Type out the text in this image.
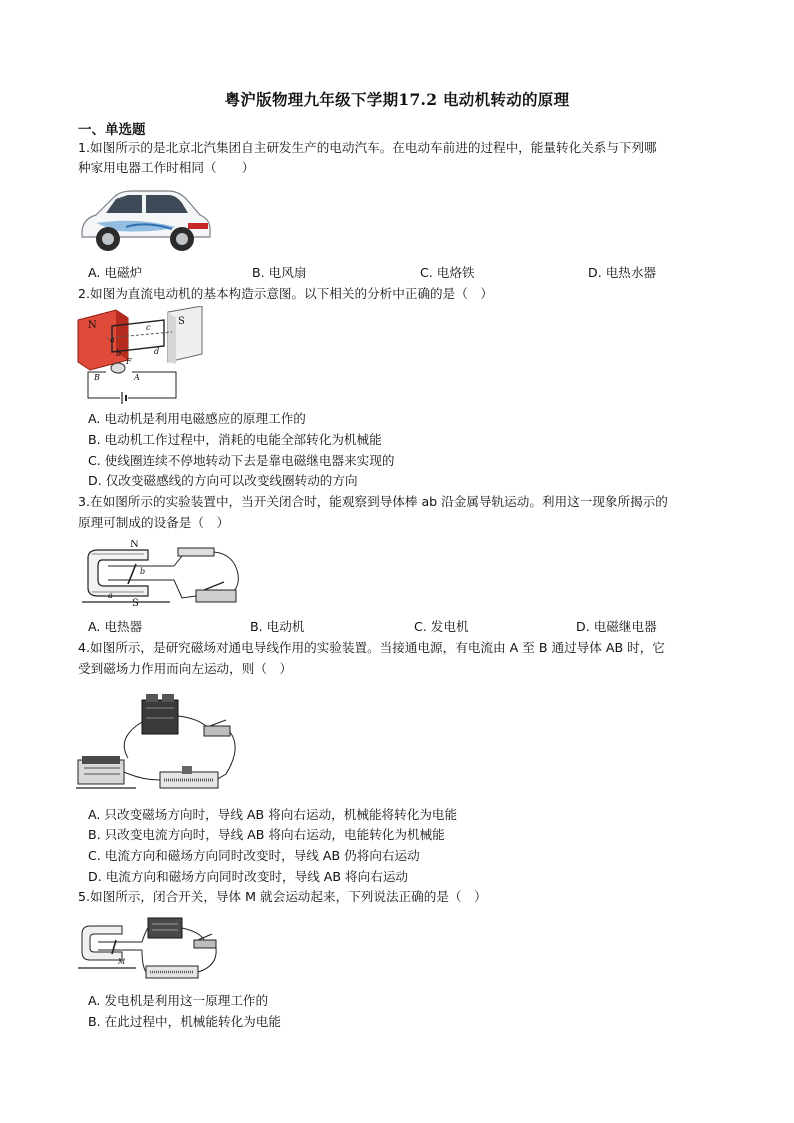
粤沪版物理九年级下学期17.2 电动机转动的原理
一、单选题
1.如图所示的是北京北汽集团自主研发生产的电动汽车。在电动车前进的过程中，能量转化关系与下列哪
种家用电器工作时相同（　　）
A. 电磁炉	B. 电风扇	C. 电烙铁	D. 电热水器
2.如图为直流电动机的基本构造示意图。以下相关的分析中正确的是（　）
N	S
a
b
c
d
F
B	A
A. 电动机是利用电磁感应的原理工作的
B. 电动机工作过程中，消耗的电能全部转化为机械能
C. 使线圈连续不停地转动下去是靠电磁继电器来实现的
D. 仅改变磁感线的方向可以改变线圈转动的方向
3.在如图所示的实验装置中，当开关闭合时，能观察到导体棒 ab 沿金属导轨运动。利用这一现象所揭示的
原理可制成的设备是（　）
N
S
b
a
A. 电热器	B. 电动机	C. 发电机	D. 电磁继电器
4.如图所示，是研究磁场对通电导线作用的实验装置。当接通电源，有电流由 A 至 B 通过导体 AB 时，它
受到磁场力作用而向左运动，则（　）
A. 只改变磁场方向时，导线 AB 将向右运动，机械能将转化为电能
B. 只改变电流方向时，导线 AB 将向右运动，电能转化为机械能
C. 电流方向和磁场方向同时改变时，导线 AB 仍将向右运动
D. 电流方向和磁场方向同时改变时，导线 AB 将向右运动
5.如图所示，闭合开关，导体 M 就会运动起来，下列说法正确的是（　）
M
A. 发电机是利用这一原理工作的
B. 在此过程中，机械能转化为电能
